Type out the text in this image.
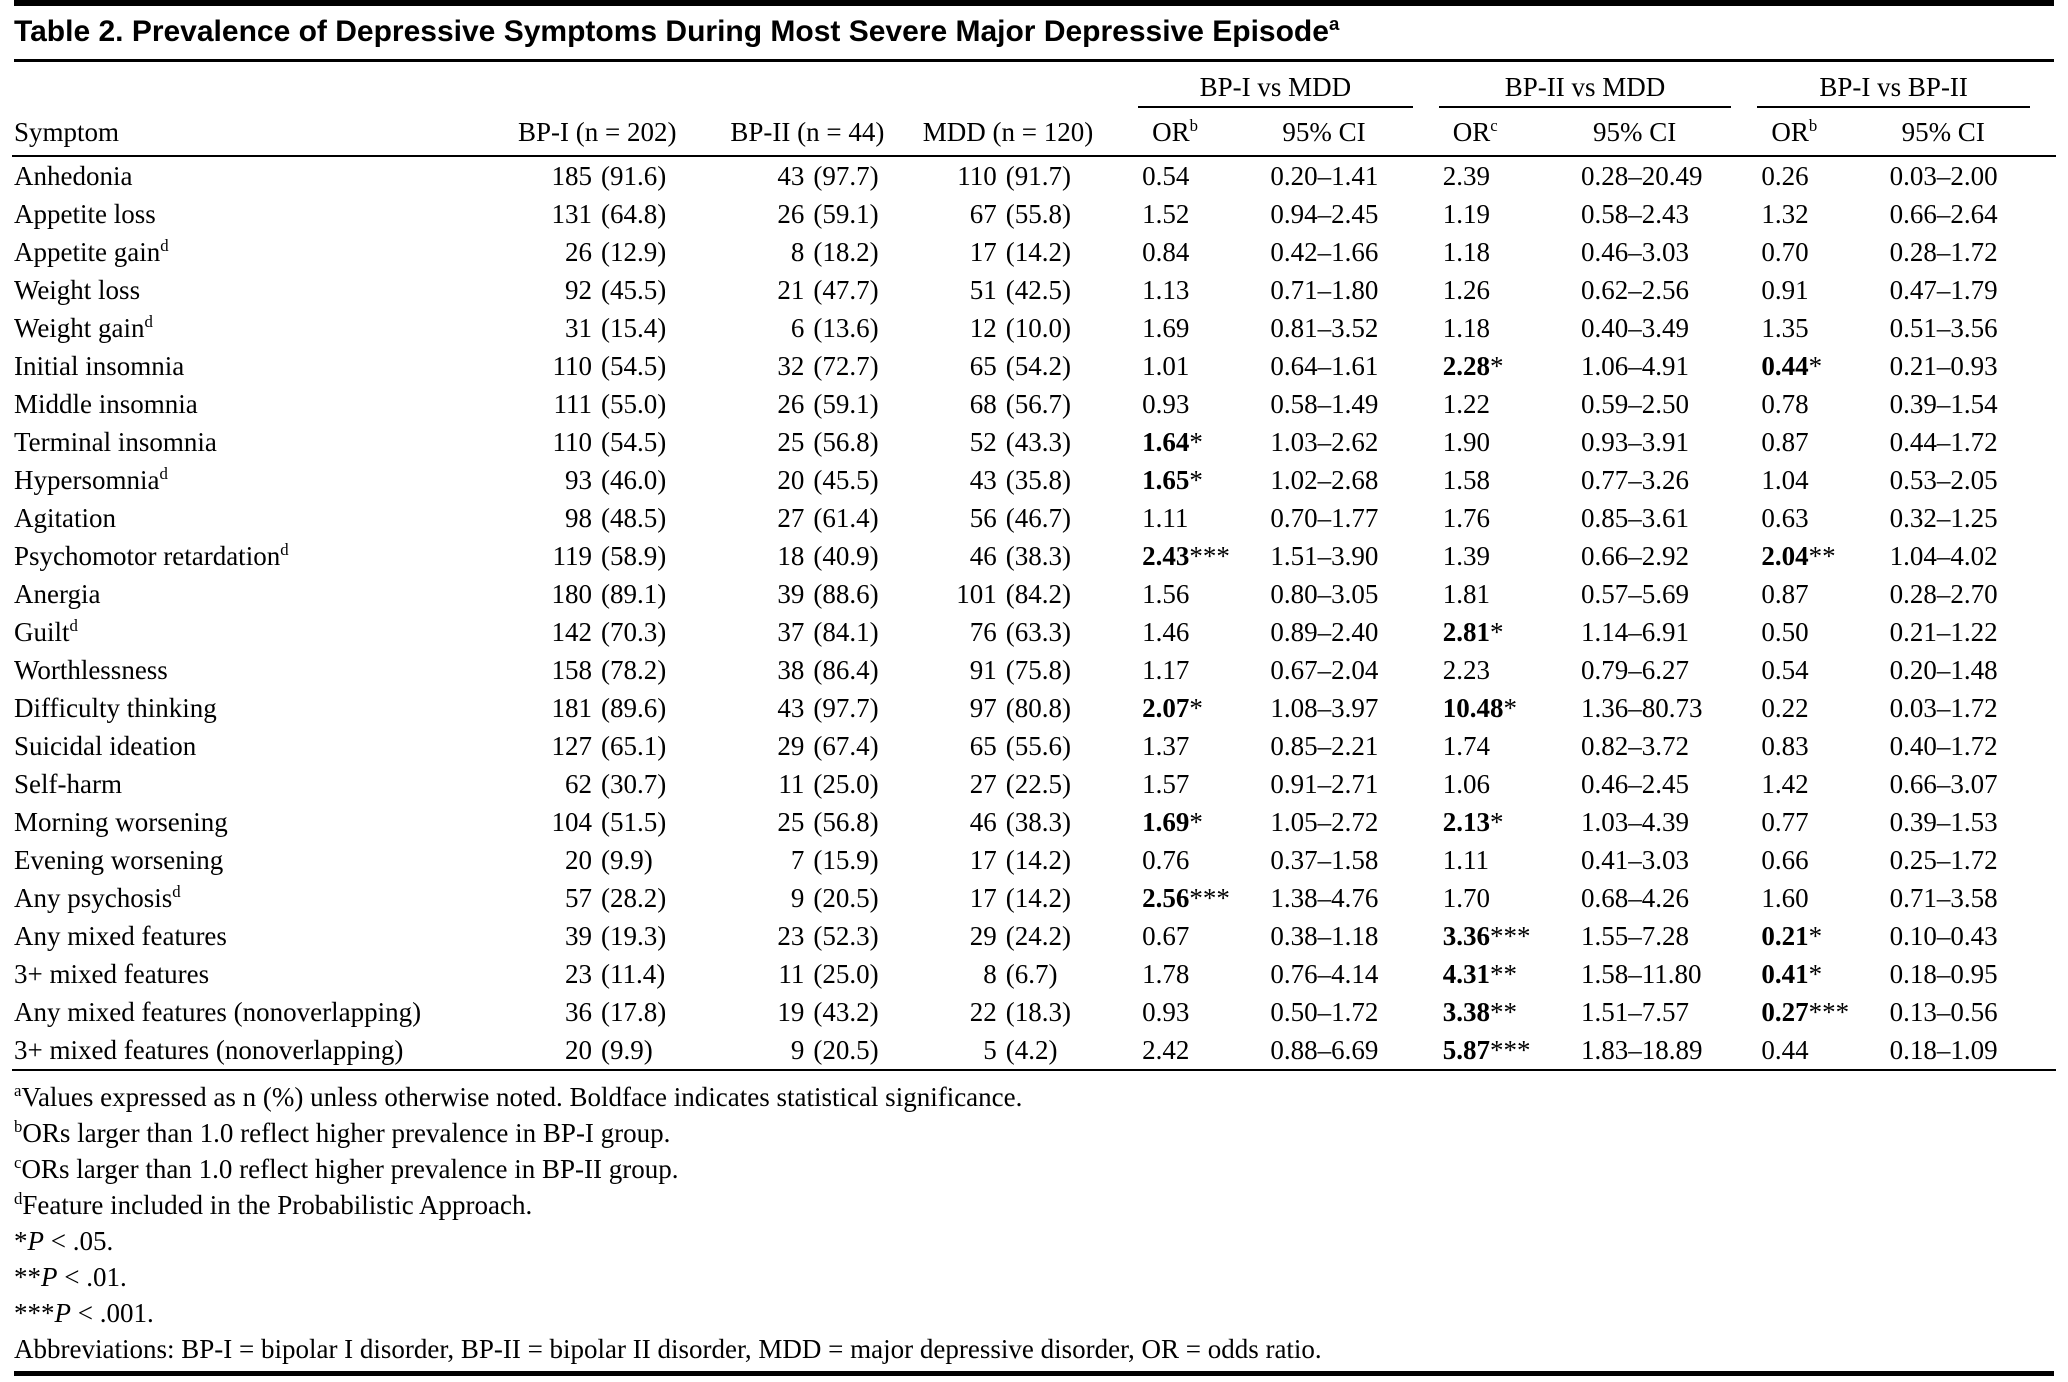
Table 2. Prevalence of Depressive Symptoms During Most Severe Major Depressive Episode$^a$

				BP-I vs MDD		BP-II vs MDD		BP-I vs BP-II	

Symptom	BP-I (n = 202)	BP-II (n = 44)	MDD (n = 120)	$OR^b$	95% CI	$OR^c$	95% CI	$OR^b$	95% CI
Anhedonia	185 (91.6)	43 (97.7)	110 (91.7)	0.54	0.20–1.41	2.39	0.28–20.49	0.26	0.03–2.00
Appetite loss	131 (64.8)	26 (59.1)	67 (55.8)	1.52	0.94–2.45	1.19	0.58–2.43	1.32	0.66–2.64
Appetite gain$^d$	26 (12.9)	8 (18.2)	17 (14.2)	0.84	0.42–1.66	1.18	0.46–3.03	0.70	0.28–1.72
Weight loss	92 (45.5)	21 (47.7)	51 (42.5)	1.13	0.71–1.80	1.26	0.62–2.56	0.91	0.47–1.79
Weight gain$^d$	31 (15.4)	6 (13.6)	12 (10.0)	1.69	0.81–3.52	1.18	0.40–3.49	1.35	0.51–3.56
Initial insomnia	110 (54.5)	32 (72.7)	65 (54.2)	1.01	0.64–1.61	2.28*	1.06–4.91	0.44*	0.21–0.93
Middle insomnia	111 (55.0)	26 (59.1)	68 (56.7)	0.93	0.58–1.49	1.22	0.59–2.50	0.78	0.39–1.54
Terminal insomnia	110 (54.5)	25 (56.8)	52 (43.3)	1.64*	1.03–2.62	1.90	0.93–3.91	0.87	0.44–1.72
Hypersomnia$^d$	93 (46.0)	20 (45.5)	43 (35.8)	1.65*	1.02–2.68	1.58	0.77–3.26	1.04	0.53–2.05
Agitation	98 (48.5)	27 (61.4)	56 (46.7)	1.11	0.70–1.77	1.76	0.85–3.61	0.63	0.32–1.25
Psychomotor retardation$^d$	119 (58.9)	18 (40.9)	46 (38.3)	2.43***	1.51–3.90	1.39	0.66–2.92	2.04**	1.04–4.02
Anergia	180 (89.1)	39 (88.6)	101 (84.2)	1.56	0.80–3.05	1.81	0.57–5.69	0.87	0.28–2.70
Guilt$^d$	142 (70.3)	37 (84.1)	76 (63.3)	1.46	0.89–2.40	2.81*	1.14–6.91	0.50	0.21–1.22
Worthlessness	158 (78.2)	38 (86.4)	91 (75.8)	1.17	0.67–2.04	2.23	0.79–6.27	0.54	0.20–1.48
Difficulty thinking	181 (89.6)	43 (97.7)	97 (80.8)	2.07*	1.08–3.97	10.48*	1.36–80.73	0.22	0.03–1.72
Suicidal ideation	127 (65.1)	29 (67.4)	65 (55.6)	1.37	0.85–2.21	1.74	0.82–3.72	0.83	0.40–1.72
Self-harm	62 (30.7)	11 (25.0)	27 (22.5)	1.57	0.91–2.71	1.06	0.46–2.45	1.42	0.66–3.07
Morning worsening	104 (51.5)	25 (56.8)	46 (38.3)	1.69*	1.05–2.72	2.13*	1.03–4.39	0.77	0.39–1.53
Evening worsening	20 (9.9)	7 (15.9)	17 (14.2)	0.76	0.37–1.58	1.11	0.41–3.03	0.66	0.25–1.72
Any psychosis$^d$	57 (28.2)	9 (20.5)	17 (14.2)	2.56***	1.38–4.76	1.70	0.68–4.26	1.60	0.71–3.58
Any mixed features	39 (19.3)	23 (52.3)	29 (24.2)	0.67	0.38–1.18	3.36***	1.55–7.28	0.21*	0.10–0.43
3+ mixed features	23 (11.4)	11 (25.0)	8 (6.7)	1.78	0.76–4.14	4.31**	1.58–11.80	0.41*	0.18–0.95
Any mixed features (nonoverlapping)	36 (17.8)	19 (43.2)	22 (18.3)	0.93	0.50–1.72	3.38**	1.51–7.57	0.27***	0.13–0.56
3+ mixed features (nonoverlapping)	20 (9.9)	9 (20.5)	5 (4.2)	2.42	0.88–6.69	5.87***	1.83–18.89	0.44	0.18–1.09
$^a$Values expressed as n (%) unless otherwise noted. Boldface indicates statistical significance.
$^b$ORs larger than 1.0 reflect higher prevalence in BP-I group.
$^c$ORs larger than 1.0 reflect higher prevalence in BP-II group.
$^d$Feature included in the Probabilistic Approach.
*P < .05.
**P < .01.
***P < .001.
Abbreviations: BP-I = bipolar I disorder, BP-II = bipolar II disorder, MDD = major depressive disorder, OR = odds ratio.
